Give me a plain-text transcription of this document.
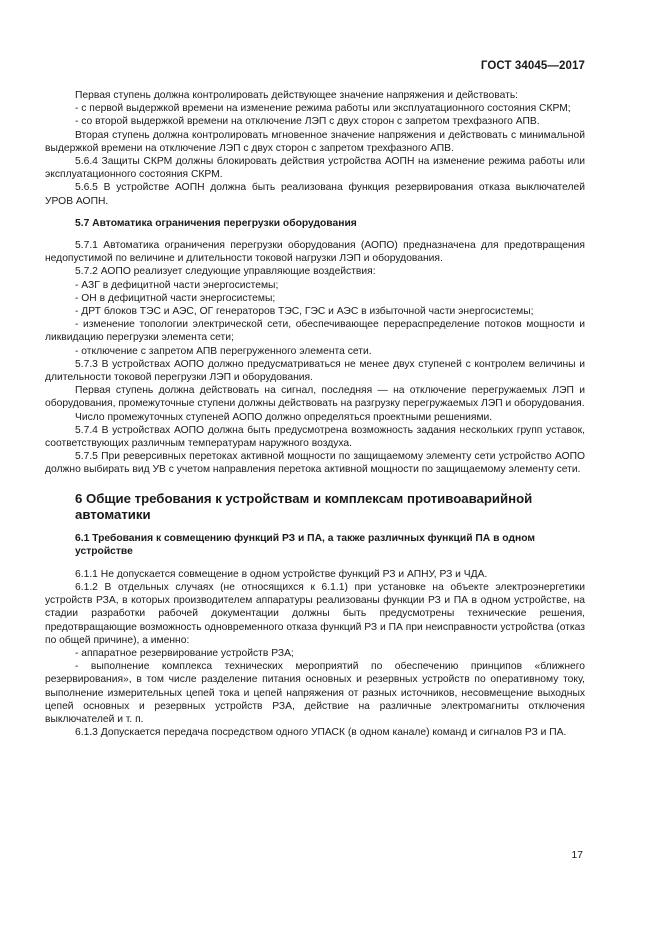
ГОСТ 34045—2017

Первая ступень должна контролировать действующее значение напряжения и действовать:

- с первой выдержкой времени на изменение режима работы или эксплуатационного состояния СКРМ;

- со второй выдержкой времени на отключение ЛЭП с двух сторон с запретом трехфазного АПВ.

Вторая ступень должна контролировать мгновенное значение напряжения и действовать с минимальной выдержкой времени на отключение ЛЭП с двух сторон с запретом трехфазного АПВ.

5.6.4 Защиты СКРМ должны блокировать действия устройства АОПН на изменение режима работы или эксплуатационного состояния СКРМ.

5.6.5 В устройстве АОПН должна быть реализована функция резервирования отказа выключателей УРОВ АОПН.

5.7 Автоматика ограничения перегрузки оборудования

5.7.1 Автоматика ограничения перегрузки оборудования (АОПО) предназначена для предотвращения недопустимой по величине и длительности токовой нагрузки ЛЭП и оборудования.

5.7.2 АОПО реализует следующие управляющие воздействия:

- АЗГ в дефицитной части энергосистемы;

- ОН в дефицитной части энергосистемы;

- ДРТ блоков ТЭС и АЭС, ОГ генераторов ТЭС, ГЭС и АЭС в избыточной части энергосистемы;

- изменение топологии электрической сети, обеспечивающее перераспределение потоков мощности и ликвидацию перегрузки элемента сети;

- отключение с запретом АПВ перегруженного элемента сети.

5.7.3 В устройствах АОПО должно предусматриваться не менее двух ступеней с контролем величины и длительности токовой перегрузки ЛЭП и оборудования.

Первая ступень должна действовать на сигнал, последняя — на отключение перегружаемых ЛЭП и оборудования, промежуточные ступени должны действовать на разгрузку перегружаемых ЛЭП и оборудования.

Число промежуточных ступеней АОПО должно определяться проектными решениями.

5.7.4 В устройствах АОПО должна быть предусмотрена возможность задания нескольких групп уставок, соответствующих различным температурам наружного воздуха.

5.7.5 При реверсивных перетоках активной мощности по защищаемому элементу сети устройство АОПО должно выбирать вид УВ с учетом направления перетока активной мощности по защищаемому элементу сети.

6 Общие требования к устройствам и комплексам противоаварийной автоматики

6.1 Требования к совмещению функций РЗ и ПА, а также различных функций ПА в одном устройстве

6.1.1 Не допускается совмещение в одном устройстве функций РЗ и АПНУ, РЗ и ЧДА.

6.1.2 В отдельных случаях (не относящихся к 6.1.1) при установке на объекте электроэнергетики устройств РЗА, в которых производителем аппаратуры реализованы функции РЗ и ПА в одном устройстве, на стадии разработки рабочей документации должны быть предусмотрены технические решения, предотвращающие возможность одновременного отказа функций РЗ и ПА при неисправности устройства (отказ по общей причине), а именно:

- аппаратное резервирование устройств РЗА;

- выполнение комплекса технических мероприятий по обеспечению принципов «ближнего резервирования», в том числе разделение питания основных и резервных устройств по оперативному току, выполнение измерительных цепей тока и цепей напряжения от разных источников, несовмещение выходных цепей основных и резервных устройств РЗА, действие на различные электромагниты отключения выключателей и т. п.

6.1.3 Допускается передача посредством одного УПАСК (в одном канале) команд и сигналов РЗ и ПА.

17
